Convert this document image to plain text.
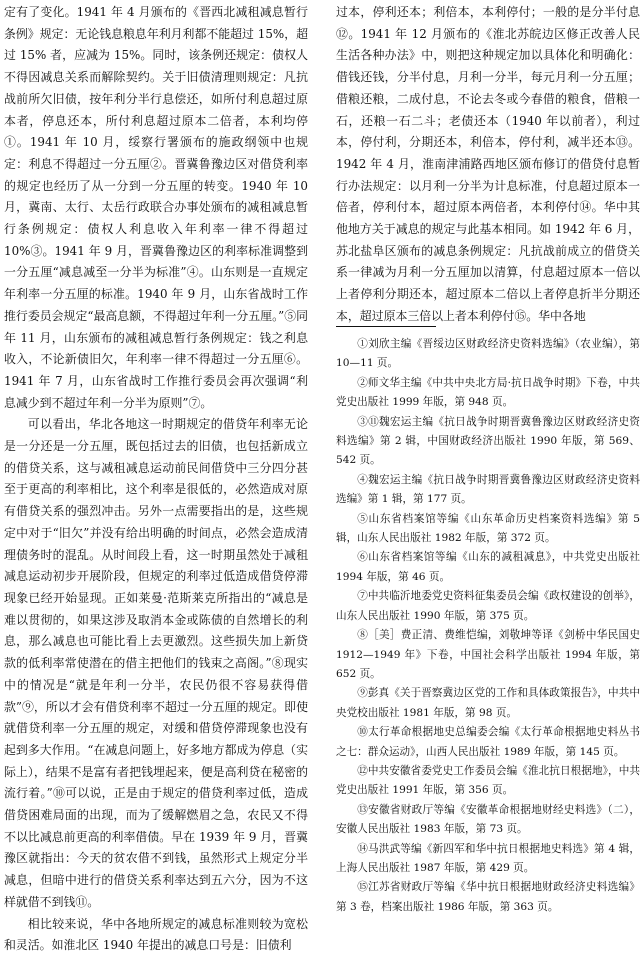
定有了变化。1941 年 4 月颁布的《晋西北减租减息暂行条例》规定：无论钱息粮息年利月利都不能超过 15%，超过 15% 者，应减为 15%。同时，该条例还规定：债权人不得因减息关系而解除契约。关于旧债清理则规定：凡抗战前所欠旧债，按年利分半行息偿还，如所付利息超过原本者，停息还本，所付利息超过原本二倍者，本利均停①。1941 年 10 月，绥察行署颁布的施政纲领中也规定：利息不得超过一分五厘②。晋冀鲁豫边区对借贷利率的规定也经历了从一分到一分五厘的转变。1940 年 10 月，冀南、太行、太岳行政联合办事处颁布的减租减息暂行条例规定：债权人利息收入年利率一律不得超过 10%③。1941 年 9 月，晋冀鲁豫边区的利率标准调整到一分五厘“减息减至一分半为标准”④。山东则是一直规定年利率一分五厘的标准。1940 年 9 月，山东省战时工作推行委员会规定“最高息额，不得超过年利一分五厘。”⑤同年 11 月，山东颁布的减租减息暂行条例规定：钱之利息收入，不论新债旧欠，年利率一律不得超过一分五厘⑥。1941 年 7 月，山东省战时工作推行委员会再次强调“利息减少到不超过年利一分半为原则”⑦。

可以看出，华北各地这一时期规定的借贷年利率无论是一分还是一分五厘，既包括过去的旧债，也包括新成立的借贷关系，这与减租减息运动前民间借贷中三分四分甚至于更高的利率相比，这个利率是很低的，必然造成对原有借贷关系的强烈冲击。另外一点需要指出的是，这些规定中对于“旧欠”并没有给出明确的时间点，必然会造成清理债务时的混乱。从时间段上看，这一时期虽然处于减租减息运动初步开展阶段，但规定的利率过低造成借贷停滞现象已经开始显现。正如莱曼·范斯莱克所指出的“减息是难以贯彻的，如果这涉及取消本金或陈债的自然增长的利息，那么减息也可能比看上去更激烈。这些损失加上新贷款的低利率常使潜在的借主把他们的钱束之高阁。”⑧现实中的情况是“就是年利一分半，农民仍很不容易获得借款”⑨，所以才会有借贷利率不超过一分五厘的规定。即使就借贷利率一分五厘的规定，对缓和借贷停滞现象也没有起到多大作用。“在减息问题上，好多地方都成为停息（实际上），结果不是富有者把钱埋起来，便是高利贷在秘密的流行着。”⑩可以说，正是由于规定的借贷利率过低，造成借贷困难局面的出现，而为了缓解燃眉之急，农民又不得不以比减息前更高的利率借债。早在 1939 年 9 月，晋冀豫区就指出：今天的贫农借不到钱，虽然形式上规定分半减息，但暗中进行的借贷关系利率达到五六分，因为不这样就借不到钱⑪。

相比较来说，华中各地所规定的减息标准则较为宽松和灵活。如淮北区 1940 年提出的减息口号是：旧债利

过本，停利还本；利倍本，本利停付；一般的是分半付息⑫。1941 年 12 月颁布的《淮北苏皖边区修正改善人民生活各种办法》中，则把这种规定加以具体化和明确化：借钱还钱，分半付息，月利一分半，每元月利一分五厘；借粮还粮，二成付息，不论去冬或今春借的粮食，借粮一石，还粮一石二斗；老债还本（1940 年以前者），利过本，停付利，分期还本，利倍本，停付利，减半还本⑬。1942 年 4 月，淮南津浦路西地区颁布修订的借贷付息暂行办法规定：以月利一分半为计息标准，付息超过原本一倍者，停利付本，超过原本两倍者，本利停付⑭。华中其他地方关于减息的规定与此基本相同。如 1942 年 6 月，苏北盐阜区颁布的减息条例规定：凡抗战前成立的借贷关系一律减为月利一分五厘加以清算，付息超过原本一倍以上者停利分期还本，超过原本二倍以上者停息折半分期还本，超过原本三倍以上者本利停付⑮。华中各地

①刘欣主编《晋绥边区财政经济史资料选编》（农业编），第 10—11 页。

②师文华主编《中共中央北方局·抗日战争时期》下卷，中共党史出版社 1999 年版，第 948 页。

③⑪魏宏运主编《抗日战争时期晋冀鲁豫边区财政经济史资料选编》第 2 辑，中国财政经济出版社 1990 年版，第 569、542 页。

④魏宏运主编《抗日战争时期晋冀鲁豫边区财政经济史资料选编》第 1 辑，第 177 页。

⑤山东省档案馆等编《山东革命历史档案资料选编》第 5 辑，山东人民出版社 1982 年版，第 372 页。

⑥山东省档案馆等编《山东的减租减息》，中共党史出版社 1994 年版，第 46 页。

⑦中共临沂地委党史资料征集委员会编《政权建设的创举》，山东人民出版社 1990 年版，第 375 页。

⑧［美］费正清、费维恺编，刘敬坤等译《剑桥中华民国史 1912—1949 年》下卷，中国社会科学出版社 1994 年版，第 652 页。

⑨彭真《关于晋察冀边区党的工作和具体政策报告》，中共中央党校出版社 1981 年版，第 98 页。

⑩太行革命根据地史总编委会编《太行革命根据地史料丛书之七：群众运动》，山西人民出版社 1989 年版，第 145 页。

⑫中共安徽省委党史工作委员会编《淮北抗日根据地》，中共党史出版社 1991 年版，第 356 页。

⑬安徽省财政厅等编《安徽革命根据地财经史料选》（二），安徽人民出版社 1983 年版，第 73 页。

⑭马洪武等编《新四军和华中抗日根据地史料选》第 4 辑，上海人民出版社 1987 年版，第 429 页。

⑮江苏省财政厅等编《华中抗日根据地财政经济史料选编》第 3 卷，档案出版社 1986 年版，第 363 页。
